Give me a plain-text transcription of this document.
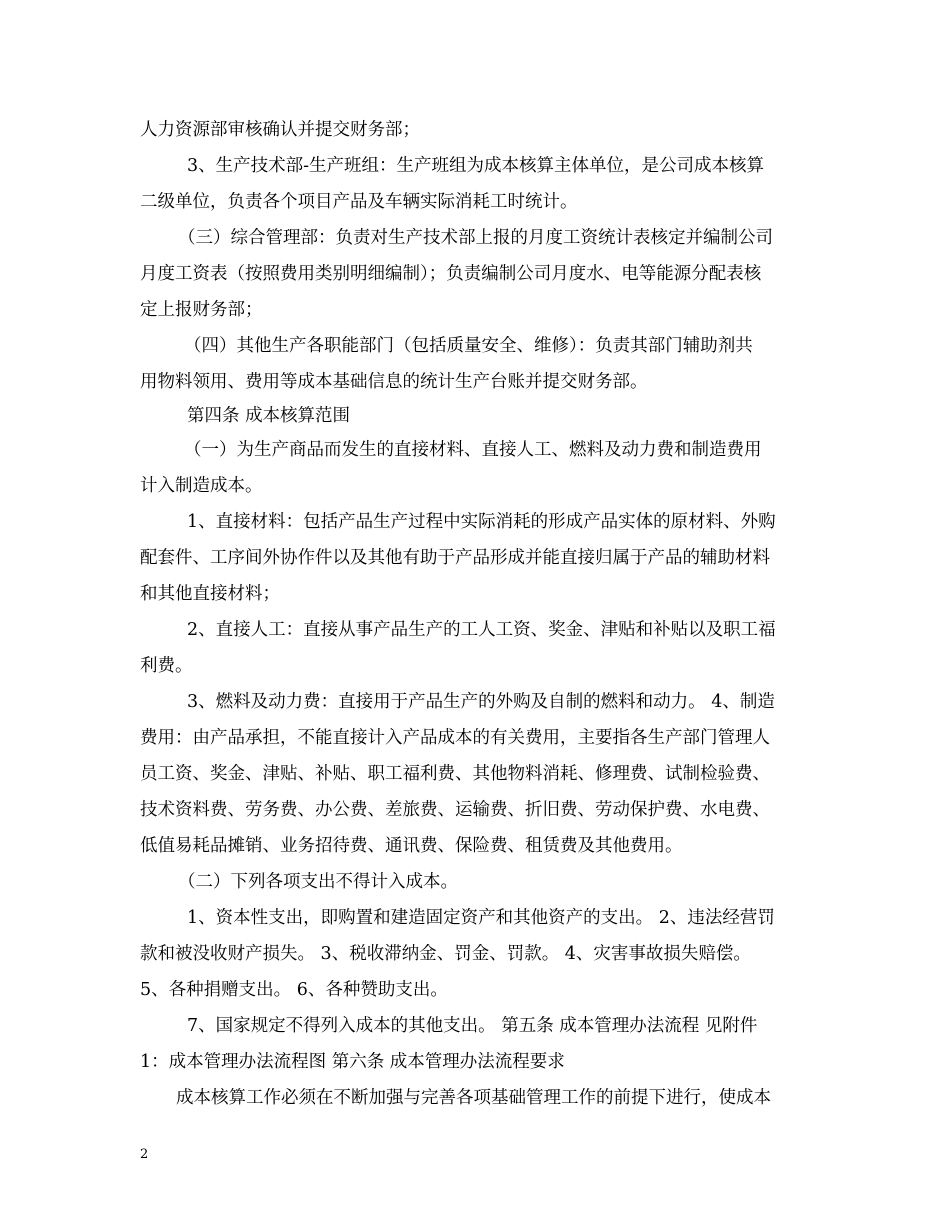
人力资源部审核确认并提交财务部；
3、生产技术部-生产班组：生产班组为成本核算主体单位，是公司成本核算
二级单位，负责各个项目产品及车辆实际消耗工时统计。
（三）综合管理部：负责对生产技术部上报的月度工资统计表核定并编制公司
月度工资表（按照费用类别明细编制）；负责编制公司月度水、电等能源分配表核
定上报财务部；
（四）其他生产各职能部门（包括质量安全、维修）：负责其部门辅助剂共
用物料领用、费用等成本基础信息的统计生产台账并提交财务部。
第四条 成本核算范围
（一）为生产商品而发生的直接材料、直接人工、燃料及动力费和制造费用
计入制造成本。
1、直接材料：包括产品生产过程中实际消耗的形成产品实体的原材料、外购
配套件、工序间外协作件以及其他有助于产品形成并能直接归属于产品的辅助材料
和其他直接材料；
2、直接人工：直接从事产品生产的工人工资、奖金、津贴和补贴以及职工福
利费。
3、燃料及动力费：直接用于产品生产的外购及自制的燃料和动力。 4、制造
费用：由产品承担，不能直接计入产品成本的有关费用，主要指各生产部门管理人
员工资、奖金、津贴、补贴、职工福利费、其他物料消耗、修理费、试制检验费、
技术资料费、劳务费、办公费、差旅费、运输费、折旧费、劳动保护费、水电费、
低值易耗品摊销、业务招待费、通讯费、保险费、租赁费及其他费用。
（二）下列各项支出不得计入成本。
1、资本性支出，即购置和建造固定资产和其他资产的支出。 2、违法经营罚
款和被没收财产损失。 3、税收滞纳金、罚金、罚款。 4、灾害事故损失赔偿。
5、各种捐赠支出。 6、各种赞助支出。
7、国家规定不得列入成本的其他支出。 第五条 成本管理办法流程 见附件
1：成本管理办法流程图 第六条 成本管理办法流程要求
成本核算工作必须在不断加强与完善各项基础管理工作的前提下进行，使成本
2
